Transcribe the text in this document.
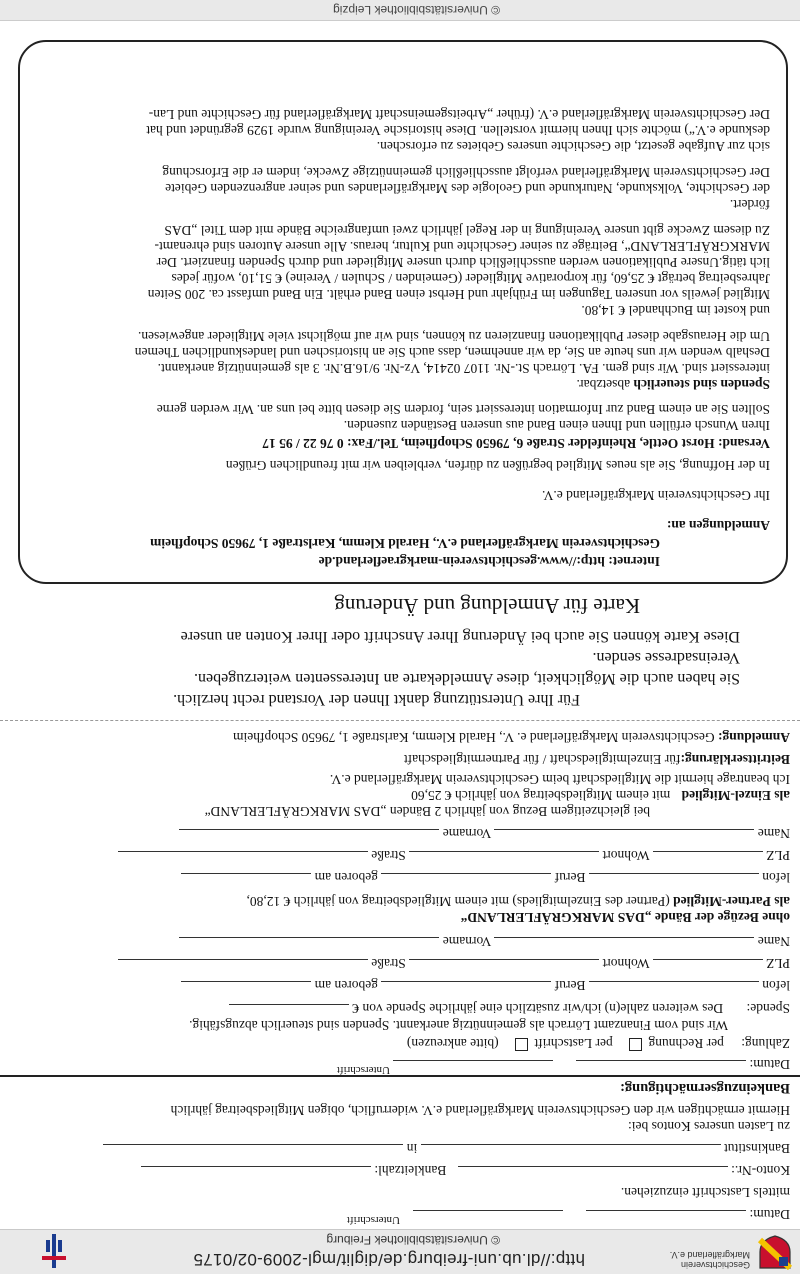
Geschichtsverein
Markgräflerland e.V.
http://dl.ub.uni-freiburg.de/diglit/mgl-2009-02/0175
© Universitätsbibliothek Freiburg
Datum:
Unterschrift
mittels Lastschrift einzuziehen.
Konto-Nr.:  Bankleitzahl:
Bankinstitut  in
zu Lasten unseres Kontos bei:
Hiermit ermächtigen wir den Geschichtsverein Markgräflerland e.V. widerruflich, obigen Mitgliedsbeitrag jährlich
Bankeinzugsermächtigung:
Datum:
Unterschrift
Zahlung: per Rechnung  per Lastschrift  (bitte ankreuzen)
Wir sind vom Finanzamt Lörrach als gemeinnützig anerkannt. Spenden sind steuerlich abzugsfähig.
Spende: Des weiteren zahle(n) ich/wir zusätzlich eine jährliche Spende von €
lefon  Beruf  geboren am
PLZ  Wohnort  Straße
Name  Vorname
ohne Bezüge der Bände „DAS MARKGRÄFLERLAND“
als Partner-Mitglied (Partner des Einzelmitglieds) mit einem Mitgliedsbeitrag von jährlich € 12,80,
lefon  Beruf  geboren am
PLZ  Wohnort  Straße
Name  Vorname
bei gleichzeitigem Bezug von jährlich 2 Bänden „DAS MARKGRÄFLERLAND“
als Einzel-Mitglied mit einem Mitgliedsbeitrag von jährlich € 25,60
Ich beantrage hiermit die Mitgliedschaft beim Geschichtsverein Markgräflerland e.V.
Beitrittserklärung:für Einzelmitgliedschaft / für Partnermitgliedschaft
Anmeldung: Geschichtsverein Markgräflerland e. V., Harald Klemm, Karlstraße 1, 79650 Schopfheim
Für Ihre Unterstützung dankt Ihnen der Vorstand recht herzlich.
Sie haben auch die Möglichkeit, diese Anmeldekarte an Interessenten weiterzugeben.
Vereinsadresse senden.
Diese Karte können Sie auch bei Änderung Ihrer Anschrift oder Ihrer Konten an unsere
Karte für Anmeldung und Änderung
Internet: http://www.geschichtsverein-markgraeflerland.de
Geschichtsverein Markgräflerland e.V., Harald Klemm, Karlstraße 1, 79650 Schopfheim
Anmeldungen an:
Ihr Geschichtsverein Markgräflerland e.V.
In der Hoffnung, Sie als neues Mitglied begrüßen zu dürfen, verbleiben wir mit freundlichen Grüßen
Versand: Horst Oettle, Rheinfelder Straße 6, 79650 Schopfheim, Tel./Fax: 0 76 22 / 95 17
Ihren Wunsch erfüllen und Ihnen einen Band aus unseren Beständen zusenden.
Sollten Sie an einem Band zur Information interessiert sein, fordern Sie diesen bitte bei uns an. Wir werden gerne
Spenden sind steuerlich absetzbar.
interessiert sind. Wir sind gem. FA. Lörrach St.-Nr. 1107 02414, Vz-Nr. 9/16.B.Nr. 3 als gemeinnützig anerkannt.
Deshalb wenden wir uns heute an Sie, da wir annehmen, dass auch Sie an historischen und landeskundlichen Themen
Um die Herausgabe dieser Publikationen finanzieren zu können, sind wir auf möglichst viele Mitglieder angewiesen.
und kostet im Buchhandel € 14,80.
Mitglied jeweils vor unseren Tagungen im Frühjahr und Herbst einen Band erhält. Ein Band umfasst ca. 200 Seiten
Jahresbeitrag beträgt € 25,60, für korporative Mitglieder (Gemeinden / Schulen / Vereine) € 51,10, wofür jedes
lich tätig.Unsere Publikationen werden ausschließlich durch unsere Mitglieder und durch Spenden finanziert. Der
MARKGRÄFLERLAND“, Beiträge zu seiner Geschichte und Kultur, heraus. Alle unsere Autoren sind ehrenamt-
Zu diesem Zwecke gibt unsere Vereinigung in der Regel jährlich zwei umfangreiche Bände mit dem Titel „DAS
fördert.
der Geschichte, Volkskunde, Naturkunde und Geologie des Markgräflerlandes und seiner angrenzenden Gebiete
Der Geschichtsverein Markgräflerland verfolgt ausschließlich gemeinnützige Zwecke, indem er die Erforschung
sich zur Aufgabe gesetzt, die Geschichte unseres Gebietes zu erforschen.
deskunde e.V.“) möchte sich Ihnen hiermit vorstellen. Diese historische Vereinigung wurde 1929 gegründet und hat
Der Geschichtsverein Markgräflerland e.V. (früher „Arbeitsgemeinschaft Markgräflerland für Geschichte und Lan-
© Universitätsbibliothek Leipzig
